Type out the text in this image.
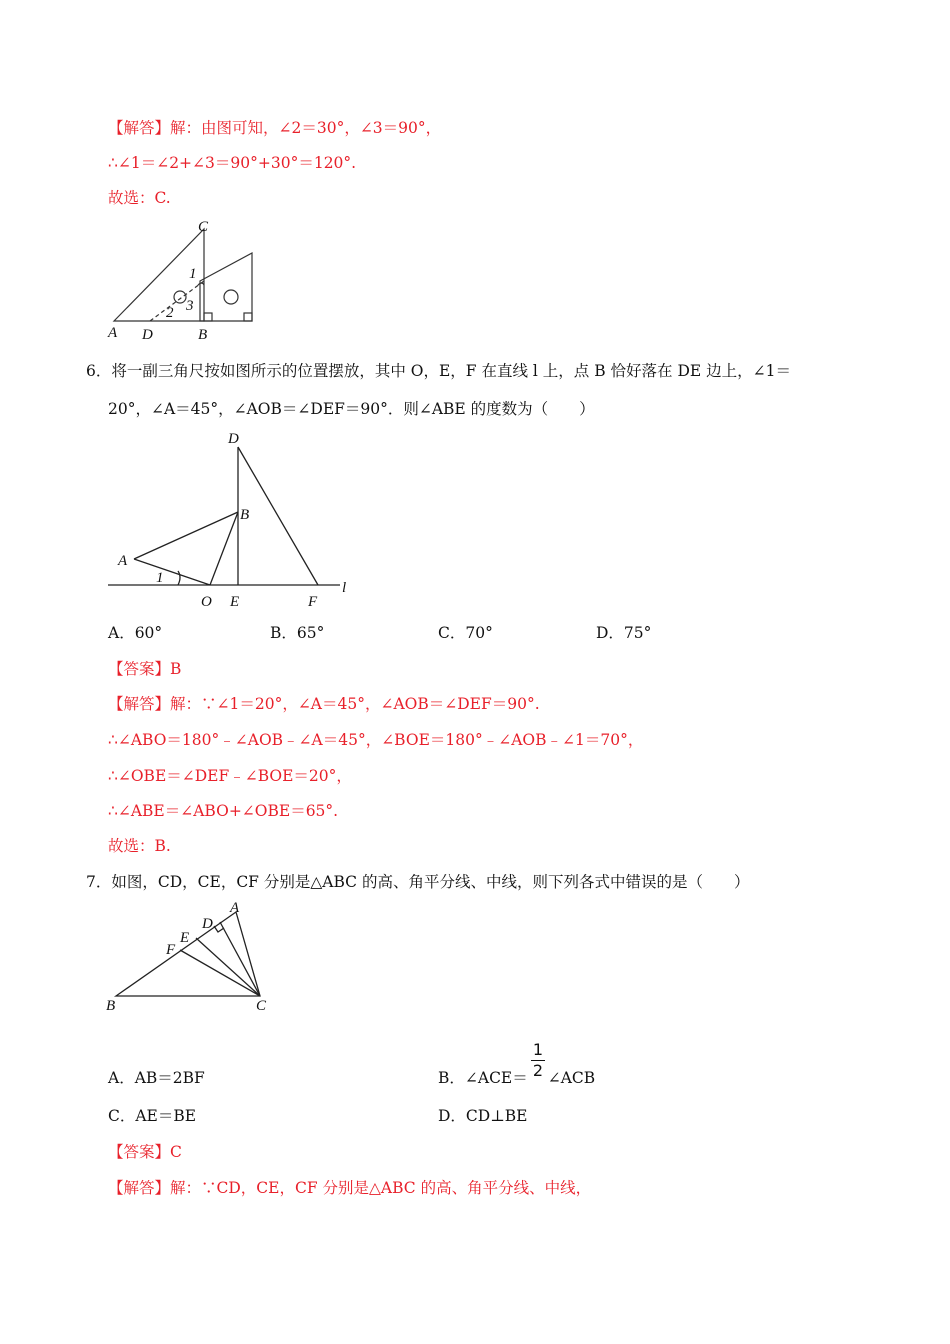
【解答】解：由图可知，∠2＝30°，∠3＝90°，
∴∠1＝∠2+∠3＝90°+30°＝120°.
故选：C.
C
1
2 3
A D	B
6．将一副三角尺按如图所示的位置摆放，其中 O，E，F 在直线 l 上，点 B 恰好落在 DE 边上，∠1＝
20°，∠A＝45°，∠AOB＝∠DEF＝90°．则∠ABE 的度数为（　　）
D
B
A
1
O E	F
l
A．60°	B．65°	C．70°	D．75°
【答案】B
【解答】解：∵∠1＝20°，∠A＝45°，∠AOB＝∠DEF＝90°.
∴∠ABO＝180°﹣∠AOB﹣∠A＝45°，∠BOE＝180°﹣∠AOB﹣∠1＝70°，
∴∠OBE＝∠DEF﹣∠BOE＝20°，
∴∠ABE＝∠ABO+∠OBE＝65°.
故选：B.
7．如图，CD，CE，CF 分别是△ABC 的高、角平分线、中线，则下列各式中错误的是（　　）
A
D
E
F
B	C
A．AB＝2BF	B．∠ACE＝ ∠ACB
1
2
C．AE＝BE	D．CD⊥BE
【答案】C
【解答】解：∵CD，CE，CF 分别是△ABC 的高、角平分线、中线，
